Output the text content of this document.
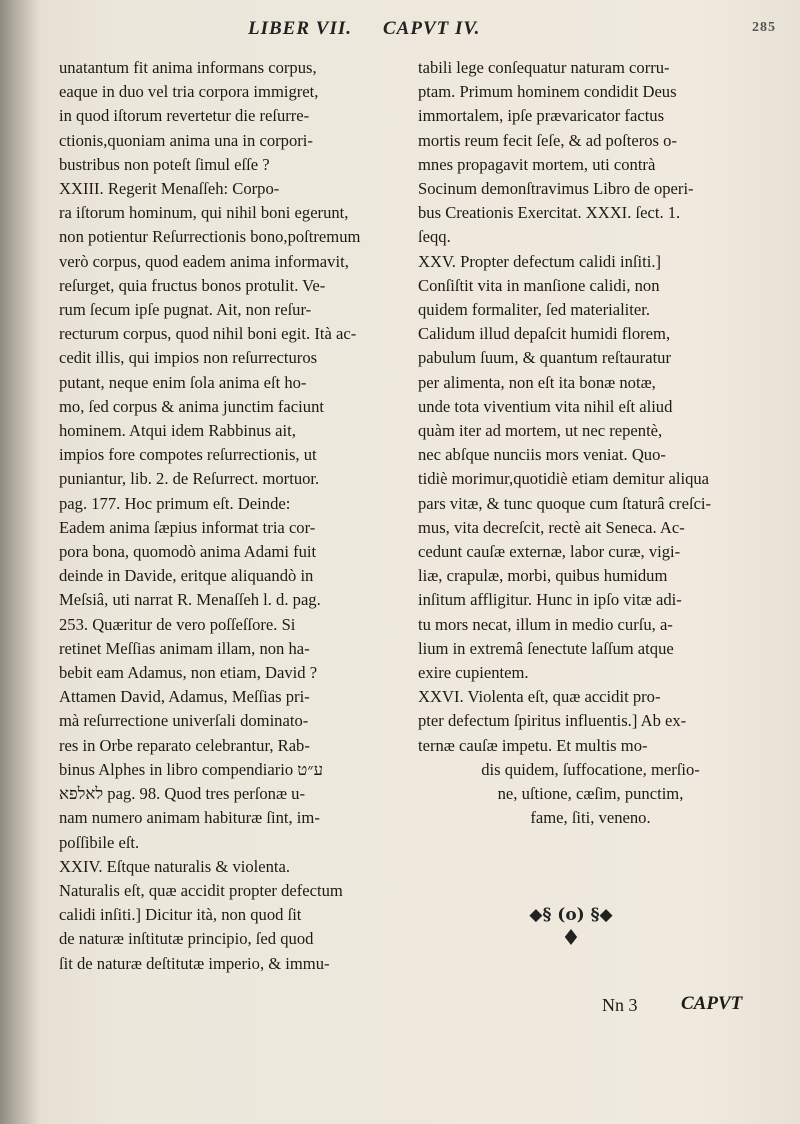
LIBER VII. CAPVT IV.	285
unatantum fit anima informans corpus,
eaque in duo vel tria corpora immigret,
in quod iſtorum revertetur die reſurre-
ctionis,quoniam anima una in corpori-
bustribus non poteſt ſimul eſſe ?
XXIII. Regerit Menaſſeh: Corpo-
ra iſtorum hominum, qui nihil boni egerunt,
non potientur Reſurrectionis bono,poſtremum
verò corpus, quod eadem anima informavit,
reſurget, quia fructus bonos protulit. Ve-
rum ſecum ipſe pugnat. Ait, non reſur-
recturum corpus, quod nihil boni egit. Ità ac-
cedit illis, qui impios non reſurrecturos
putant, neque enim ſola anima eſt ho-
mo, ſed corpus & anima junctim faciunt
hominem. Atqui idem Rabbinus ait,
impios fore compotes reſurrectionis, ut
puniantur, lib. 2. de Reſurrect. mortuor.
pag. 177. Hoc primum eſt. Deinde:
Eadem anima ſæpius informat tria cor-
pora bona, quomodò anima Adami fuit
deinde in Davide, eritque aliquandò in
Meſsiâ, uti narrat R. Menaſſeh l. d. pag.
253. Quæritur de vero poſſeſſore. Si
retinet Meſſias animam illam, non ha-
bebit eam Adamus, non etiam, David ?
Attamen David, Adamus, Meſſias pri-
mà reſurrectione univerſali dominato-
res in Orbe reparato celebrantur, Rab-
binus Alphes in libro compendiario ע״ט
לאלפא pag. 98. Quod tres perſonæ u-
nam numero animam habituræ ſint, im-
poſſibile eſt.
XXIV. Eſtque naturalis & violenta.
Naturalis eſt, quæ accidit propter defectum
calidi inſiti.] Dicitur ità, non quod ſit
de naturæ inſtitutæ principio, ſed quod
ſit de naturæ deſtitutæ imperio, & immu-
tabili lege conſequatur naturam corru-
ptam. Primum hominem condidit Deus
immortalem, ipſe prævaricator factus
mortis reum fecit ſeſe, & ad poſteros o-
mnes propagavit mortem, uti contrà
Socinum demonſtravimus Libro de operi-
bus Creationis Exercitat. XXXI. ſect. 1.
ſeqq.
XXV. Propter defectum calidi inſiti.]
Conſiſtit vita in manſione calidi, non
quidem formaliter, ſed materialiter.
Calidum illud depaſcit humidi florem,
pabulum ſuum, & quantum reſtauratur
per alimenta, non eſt ita bonæ notæ,
unde tota viventium vita nihil eſt aliud
quàm iter ad mortem, ut nec repentè,
nec abſque nunciis mors veniat. Quo-
tidiè morimur,quotidiè etiam demitur aliqua
pars vitæ, & tunc quoque cum ſtaturâ creſci-
mus, vita decreſcit, rectè ait Seneca. Ac-
cedunt cauſæ externæ, labor curæ, vigi-
liæ, crapulæ, morbi, quibus humidum
inſitum affligitur. Hunc in ipſo vitæ adi-
tu mors necat, illum in medio curſu, a-
lium in extremâ ſenectute laſſum atque
exire cupientem.
XXVI. Violenta eſt, quæ accidit pro-
pter defectum ſpiritus influentis.] Ab ex-
ternæ cauſæ impetu. Et multis mo-
dis quidem, ſuffocatione, merſio-
ne, uſtione, cæſim, punctim,
fame, ſiti, veneno.
◆§ (o) §◆
♦
Nn 3 CAPVT
